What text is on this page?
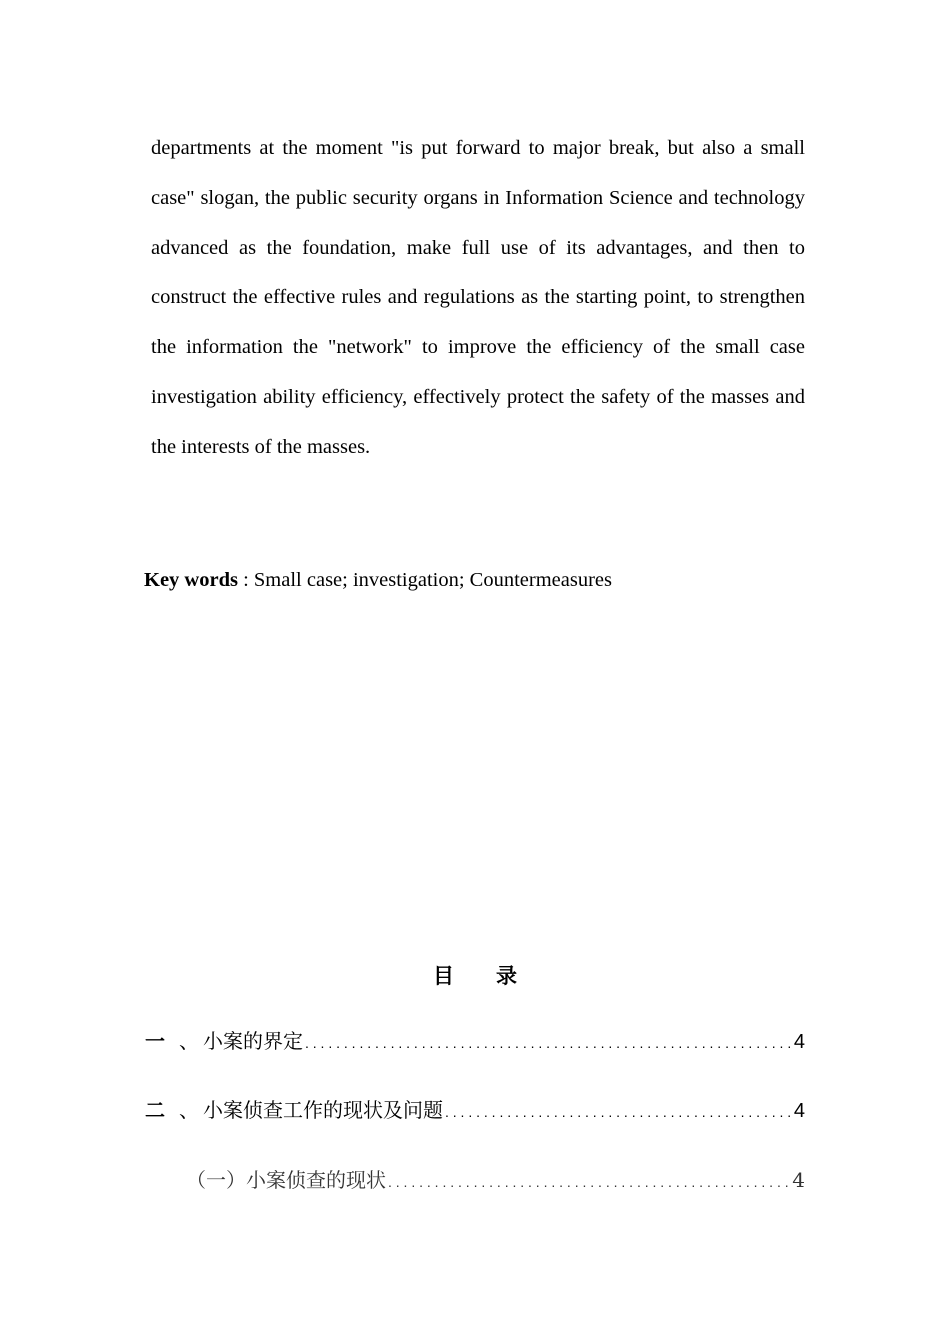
departments at the moment "is put forward to major break, but also a small case" slogan, the public security organs in Information Science and technology advanced as the foundation, make full use of its advantages, and then to construct the effective rules and regulations as the starting point, to strengthen the information the "network" to improve the efficiency of the small case investigation ability efficiency, effectively protect the safety of the masses and the interests of the masses.

Key words : Small case; investigation; Countermeasures

目 录
一 、 小案的界定 . . .	4
二 、 小案侦查工作的现状及问题 . . .	4
（一）小案侦查的现状 . . .	4
